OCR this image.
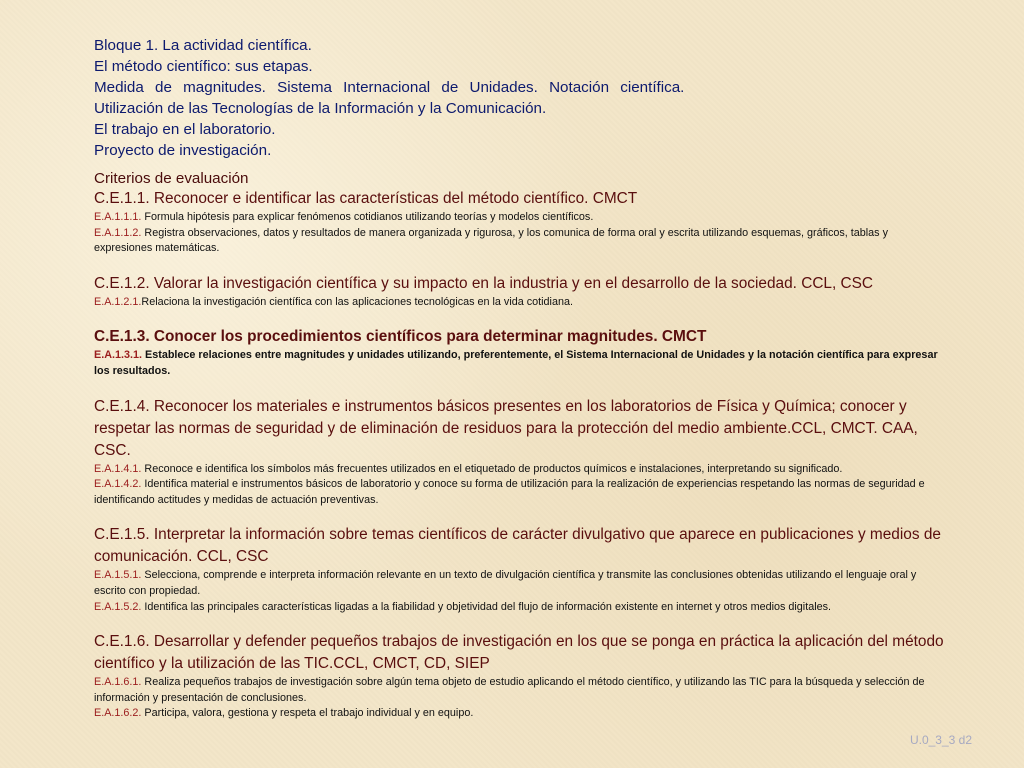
Bloque 1. La actividad científica.
El método científico: sus etapas.
Medida de magnitudes. Sistema Internacional de Unidades. Notación científica.
Utilización de las Tecnologías de la Información y la Comunicación.
El trabajo en el laboratorio.
Proyecto de investigación.
Criterios de evaluación
C.E.1.1. Reconocer e identificar las características del método científico. CMCT
E.A.1.1.1. Formula hipótesis para explicar fenómenos cotidianos utilizando teorías y modelos científicos.
E.A.1.1.2. Registra observaciones, datos y resultados de manera organizada y rigurosa, y los comunica de forma oral y escrita utilizando esquemas, gráficos, tablas y expresiones matemáticas.
C.E.1.2. Valorar la investigación científica y su impacto en la industria y en el desarrollo de la sociedad. CCL, CSC
E.A.1.2.1.Relaciona la investigación científica con las aplicaciones tecnológicas en la vida cotidiana.
C.E.1.3. Conocer los procedimientos científicos para determinar magnitudes. CMCT
E.A.1.3.1. Establece relaciones entre magnitudes y unidades utilizando, preferentemente, el Sistema Internacional de Unidades y la notación científica para expresar los resultados.
C.E.1.4. Reconocer los materiales e instrumentos básicos presentes en los laboratorios de Física y Química; conocer y respetar las normas de seguridad y de eliminación de residuos para la protección del medio ambiente.CCL, CMCT. CAA, CSC.
E.A.1.4.1. Reconoce e identifica los símbolos más frecuentes utilizados en el etiquetado de productos químicos e instalaciones, interpretando su significado.
E.A.1.4.2. Identifica material e instrumentos básicos de laboratorio y conoce su forma de utilización para la realización de experiencias respetando las normas de seguridad e identificando actitudes y medidas de actuación preventivas.
C.E.1.5. Interpretar la información sobre temas científicos de carácter divulgativo que aparece en publicaciones y medios de comunicación. CCL, CSC
E.A.1.5.1. Selecciona, comprende e interpreta información relevante en un texto de divulgación científica y transmite las conclusiones obtenidas utilizando el lenguaje oral y escrito con propiedad.
E.A.1.5.2. Identifica las principales características ligadas a la fiabilidad y objetividad del flujo de información existente en internet y otros medios digitales.
C.E.1.6. Desarrollar y defender pequeños trabajos de investigación en los que se ponga en práctica la aplicación del método científico y la utilización de las TIC.CCL, CMCT, CD, SIEP
E.A.1.6.1. Realiza pequeños trabajos de investigación sobre algún tema objeto de estudio aplicando el método científico, y utilizando las TIC para la búsqueda y selección de información y presentación de conclusiones.
E.A.1.6.2. Participa, valora, gestiona y respeta el trabajo individual y en equipo.
U.0_3_3 d2
